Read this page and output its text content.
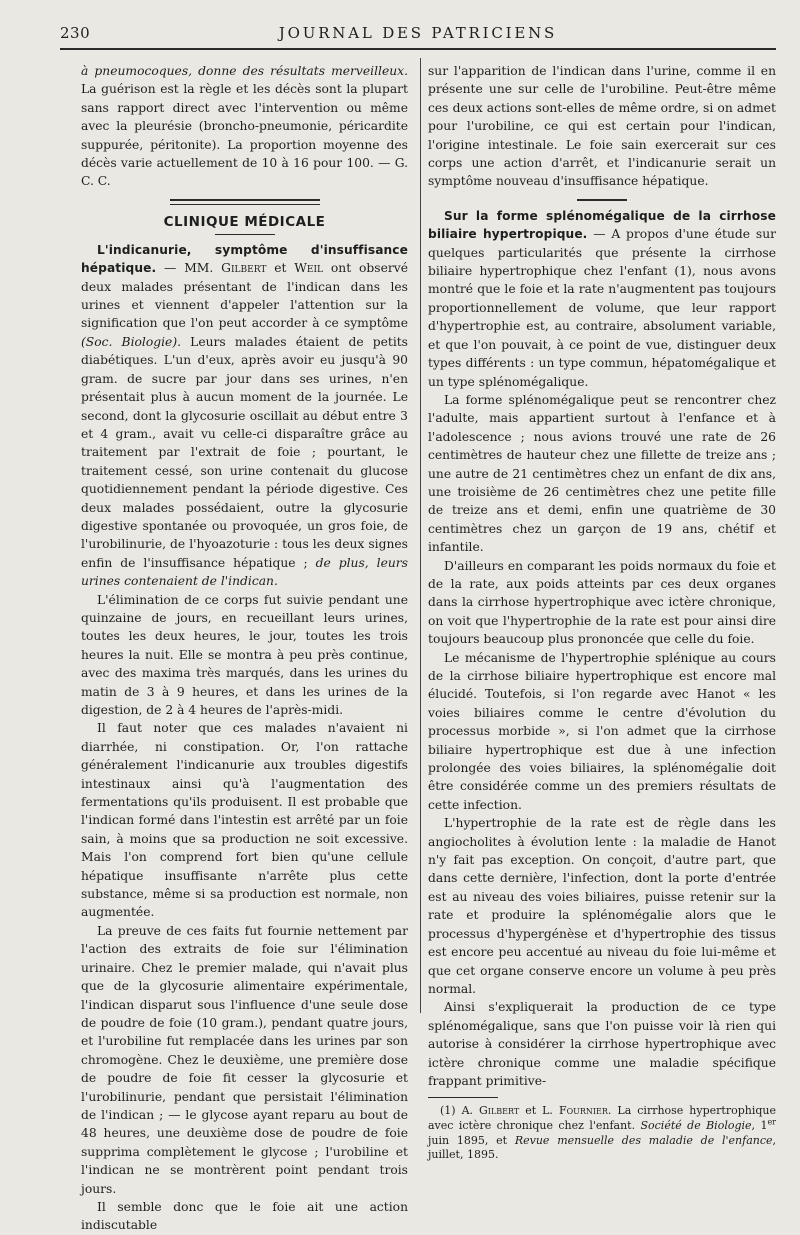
230	JOURNAL DES PATRICIENS

à pneumocoques, donne des résultats merveilleux. La guérison est la règle et les décès sont la plupart sans rapport direct avec l'intervention ou même avec la pleurésie (broncho-pneumonie, péricardite suppurée, péritonite). La proportion moyenne des décès varie actuellement de 10 à 16 pour 100. — G. C. C.

CLINIQUE MÉDICALE

L'indicanurie, symptôme d'insuffisance hépatique. — MM. Gilbert et Weil ont observé deux malades présentant de l'indican dans les urines et viennent d'appeler l'attention sur la signification que l'on peut accorder à ce symptôme (Soc. Biologie). Leurs malades étaient de petits diabétiques. L'un d'eux, après avoir eu jusqu'à 90 gram. de sucre par jour dans ses urines, n'en présentait plus à aucun moment de la journée. Le second, dont la glycosurie oscillait au début entre 3 et 4 gram., avait vu celle-ci disparaître grâce au traitement par l'extrait de foie ; pourtant, le traitement cessé, son urine contenait du glucose quotidiennement pendant la période digestive. Ces deux malades possédaient, outre la glycosurie digestive spontanée ou provoquée, un gros foie, de l'urobilinurie, de l'hyoazoturie : tous les deux signes enfin de l'insuffisance hépatique ; de plus, leurs urines contenaient de l'indican.

L'élimination de ce corps fut suivie pendant une quinzaine de jours, en recueillant leurs urines, toutes les deux heures, le jour, toutes les trois heures la nuit. Elle se montra à peu près continue, avec des maxima très marqués, dans les urines du matin de 3 à 9 heures, et dans les urines de la digestion, de 2 à 4 heures de l'après-midi.

Il faut noter que ces malades n'avaient ni diarrhée, ni constipation. Or, l'on rattache généralement l'indicanurie aux troubles digestifs intestinaux ainsi qu'à l'augmentation des fermentations qu'ils produisent. Il est probable que l'indican formé dans l'intestin est arrêté par un foie sain, à moins que sa production ne soit excessive. Mais l'on comprend fort bien qu'une cellule hépatique insuffisante n'arrête plus cette substance, même si sa production est normale, non augmentée.

La preuve de ces faits fut fournie nettement par l'action des extraits de foie sur l'élimination urinaire. Chez le premier malade, qui n'avait plus que de la glycosurie alimentaire expérimentale, l'indican disparut sous l'influence d'une seule dose de poudre de foie (10 gram.), pendant quatre jours, et l'urobiline fut remplacée dans les urines par son chromogène. Chez le deuxième, une première dose de poudre de foie fit cesser la glycosurie et l'urobilinurie, pendant que persistait l'élimination de l'indican ; — le glycose ayant reparu au bout de 48 heures, une deuxième dose de poudre de foie supprima complètement le glycose ; l'urobiline et l'indican ne se montrèrent point pendant trois jours.

Il semble donc que le foie ait une action indiscutable

sur l'apparition de l'indican dans l'urine, comme il en présente une sur celle de l'urobiline. Peut-être même ces deux actions sont-elles de même ordre, si on admet pour l'urobiline, ce qui est certain pour l'indican, l'origine intestinale. Le foie sain exercerait sur ces corps une action d'arrêt, et l'indicanurie serait un symptôme nouveau d'insuffisance hépatique.

Sur la forme splénomégalique de la cirrhose biliaire hypertropique. — A propos d'une étude sur quelques particularités que présente la cirrhose biliaire hypertrophique chez l'enfant (1), nous avons montré que le foie et la rate n'augmentent pas toujours proportionnellement de volume, que leur rapport d'hypertrophie est, au contraire, absolument variable, et que l'on pouvait, à ce point de vue, distinguer deux types différents : un type commun, hépatomégalique et un type splénomégalique.

La forme splénomégalique peut se rencontrer chez l'adulte, mais appartient surtout à l'enfance et à l'adolescence ; nous avions trouvé une rate de 26 centimètres de hauteur chez une fillette de treize ans ; une autre de 21 centimètres chez un enfant de dix ans, une troisième de 26 centimètres chez une petite fille de treize ans et demi, enfin une quatrième de 30 centimètres chez un garçon de 19 ans, chétif et infantile.

D'ailleurs en comparant les poids normaux du foie et de la rate, aux poids atteints par ces deux organes dans la cirrhose hypertrophique avec ictère chronique, on voit que l'hypertrophie de la rate est pour ainsi dire toujours beaucoup plus prononcée que celle du foie.

Le mécanisme de l'hypertrophie splénique au cours de la cirrhose biliaire hypertrophique est encore mal élucidé. Toutefois, si l'on regarde avec Hanot « les voies biliaires comme le centre d'évolution du processus morbide », si l'on admet que la cirrhose biliaire hypertrophique est due à une infection prolongée des voies biliaires, la splénomégalie doit être considérée comme un des premiers résultats de cette infection.

L'hypertrophie de la rate est de règle dans les angiocholites à évolution lente : la maladie de Hanot n'y fait pas exception. On conçoit, d'autre part, que dans cette dernière, l'infection, dont la porte d'entrée est au niveau des voies biliaires, puisse retenir sur la rate et produire la splénomégalie alors que le processus d'hypergénèse et d'hypertrophie des tissus est encore peu accentué au niveau du foie lui-même et que cet organe conserve encore un volume à peu près normal.

Ainsi s'expliquerait la production de ce type splénomégalique, sans que l'on puisse voir là rien qui autorise à considérer la cirrhose hypertrophique avec ictère chronique comme une maladie spécifique frappant primitive-

(1) A. Gilbert et L. Fournier. La cirrhose hypertrophique avec ictère chronique chez l'enfant. Société de Biologie, 1er juin 1895, et Revue mensuelle des maladie de l'enfance, juillet, 1895.
